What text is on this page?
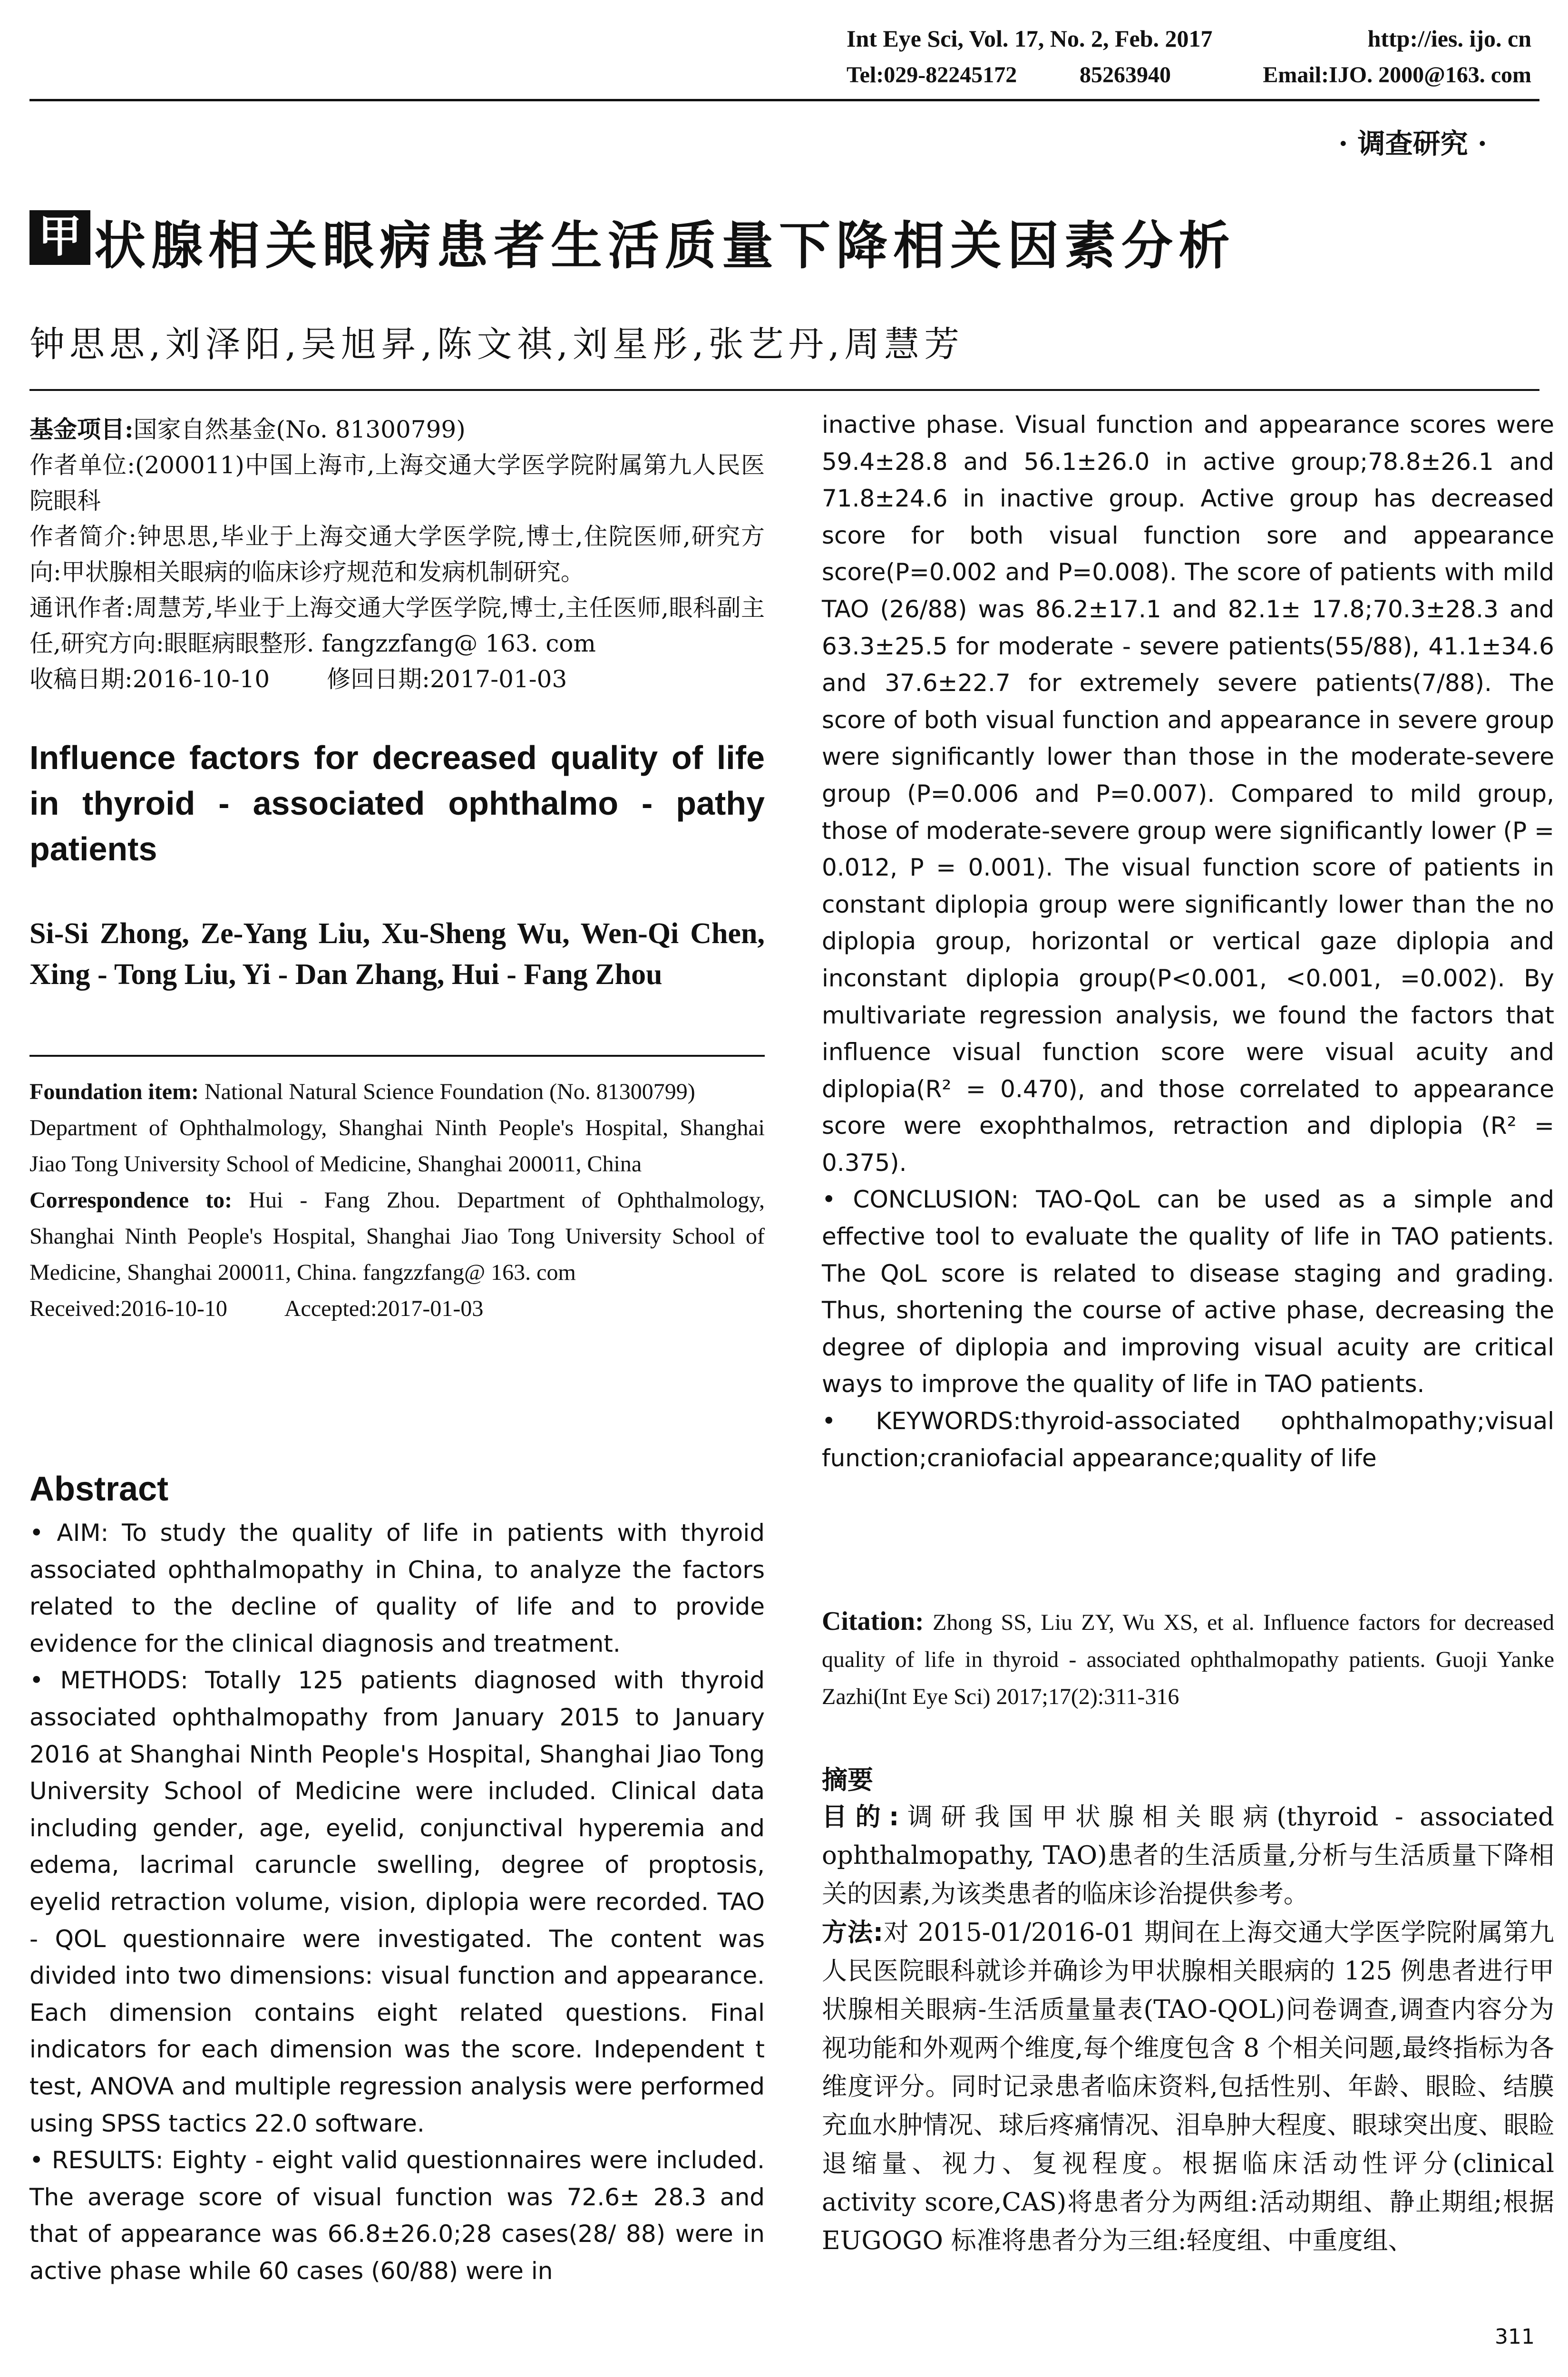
Int Eye Sci, Vol. 17, No. 2, Feb. 2017	http://ies. ijo. cn
Tel:029-82245172	85263940	Email:IJO. 2000@163. com
· 调查研究 ·
甲 状腺相关眼病患者生活质量下降相关因素分析
钟思思,刘泽阳,吴旭昇,陈文祺,刘星彤,张艺丹,周慧芳

基金项目:国家自然基金(No. 81300799)

作者单位:(200011)中国上海市,上海交通大学医学院附属第九人民医院眼科

作者简介:钟思思,毕业于上海交通大学医学院,博士,住院医师,研究方向:甲状腺相关眼病的临床诊疗规范和发病机制研究。

通讯作者:周慧芳,毕业于上海交通大学医学院,博士,主任医师,眼科副主任,研究方向:眼眶病眼整形. fangzzfang@ 163. com

收稿日期:2016-10-10 修回日期:2017-01-03

Influence factors for decreased quality of life in thyroid - associated ophthalmo - pathy patients
Si-Si Zhong, Ze-Yang Liu, Xu-Sheng Wu, Wen-Qi Chen, Xing - Tong Liu, Yi - Dan Zhang, Hui - Fang Zhou

Foundation item: National Natural Science Foundation (No. 81300799)

Department of Ophthalmology, Shanghai Ninth People's Hospital, Shanghai Jiao Tong University School of Medicine, Shanghai 200011, China

Correspondence to: Hui - Fang Zhou. Department of Ophthalmology, Shanghai Ninth People's Hospital, Shanghai Jiao Tong University School of Medicine, Shanghai 200011, China. fangzzfang@ 163. com

Received:2016-10-10	Accepted:2017-01-03

Abstract

• AIM: To study the quality of life in patients with thyroid associated ophthalmopathy in China, to analyze the factors related to the decline of quality of life and to provide evidence for the clinical diagnosis and treatment.

• METHODS: Totally 125 patients diagnosed with thyroid associated ophthalmopathy from January 2015 to January 2016 at Shanghai Ninth People's Hospital, Shanghai Jiao Tong University School of Medicine were included. Clinical data including gender, age, eyelid, conjunctival hyperemia and edema, lacrimal caruncle swelling, degree of proptosis, eyelid retraction volume, vision, diplopia were recorded. TAO - QOL questionnaire were investigated. The content was divided into two dimensions: visual function and appearance. Each dimension contains eight related questions. Final indicators for each dimension was the score. Independent t test, ANOVA and multiple regression analysis were performed using SPSS tactics 22.0 software.

• RESULTS: Eighty - eight valid questionnaires were included. The average score of visual function was 72.6± 28.3 and that of appearance was 66.8±26.0;28 cases(28/ 88) were in active phase while 60 cases (60/88) were in

inactive phase. Visual function and appearance scores were 59.4±28.8 and 56.1±26.0 in active group;78.8±26.1 and 71.8±24.6 in inactive group. Active group has decreased score for both visual function sore and appearance score(P=0.002 and P=0.008). The score of patients with mild TAO (26/88) was 86.2±17.1 and 82.1± 17.8;70.3±28.3 and 63.3±25.5 for moderate - severe patients(55/88), 41.1±34.6 and 37.6±22.7 for extremely severe patients(7/88). The score of both visual function and appearance in severe group were significantly lower than those in the moderate-severe group (P=0.006 and P=0.007). Compared to mild group, those of moderate-severe group were significantly lower (P = 0.012, P = 0.001). The visual function score of patients in constant diplopia group were significantly lower than the no diplopia group, horizontal or vertical gaze diplopia and inconstant diplopia group(P<0.001, <0.001, =0.002). By multivariate regression analysis, we found the factors that influence visual function score were visual acuity and diplopia(R² = 0.470), and those correlated to appearance score were exophthalmos, retraction and diplopia (R² = 0.375).

• CONCLUSION: TAO-QoL can be used as a simple and effective tool to evaluate the quality of life in TAO patients. The QoL score is related to disease staging and grading. Thus, shortening the course of active phase, decreasing the degree of diplopia and improving visual acuity are critical ways to improve the quality of life in TAO patients.

• KEYWORDS:thyroid-associated ophthalmopathy;visual function;craniofacial appearance;quality of life

Citation: Zhong SS, Liu ZY, Wu XS, et al. Influence factors for decreased quality of life in thyroid - associated ophthalmopathy patients. Guoji Yanke Zazhi(Int Eye Sci) 2017;17(2):311-316
摘要

目的:调研我国甲状腺相关眼病(thyroid - associated ophthalmopathy, TAO)患者的生活质量,分析与生活质量下降相关的因素,为该类患者的临床诊治提供参考。

方法:对 2015-01/2016-01 期间在上海交通大学医学院附属第九人民医院眼科就诊并确诊为甲状腺相关眼病的 125 例患者进行甲状腺相关眼病-生活质量量表(TAO-QOL)问卷调查,调查内容分为视功能和外观两个维度,每个维度包含 8 个相关问题,最终指标为各维度评分。同时记录患者临床资料,包括性别、年龄、眼睑、结膜充血水肿情况、球后疼痛情况、泪阜肿大程度、眼球突出度、眼睑退缩量、视力、复视程度。根据临床活动性评分(clinical activity score,CAS)将患者分为两组:活动期组、静止期组;根据 EUGOGO 标准将患者分为三组:轻度组、中重度组、

311
